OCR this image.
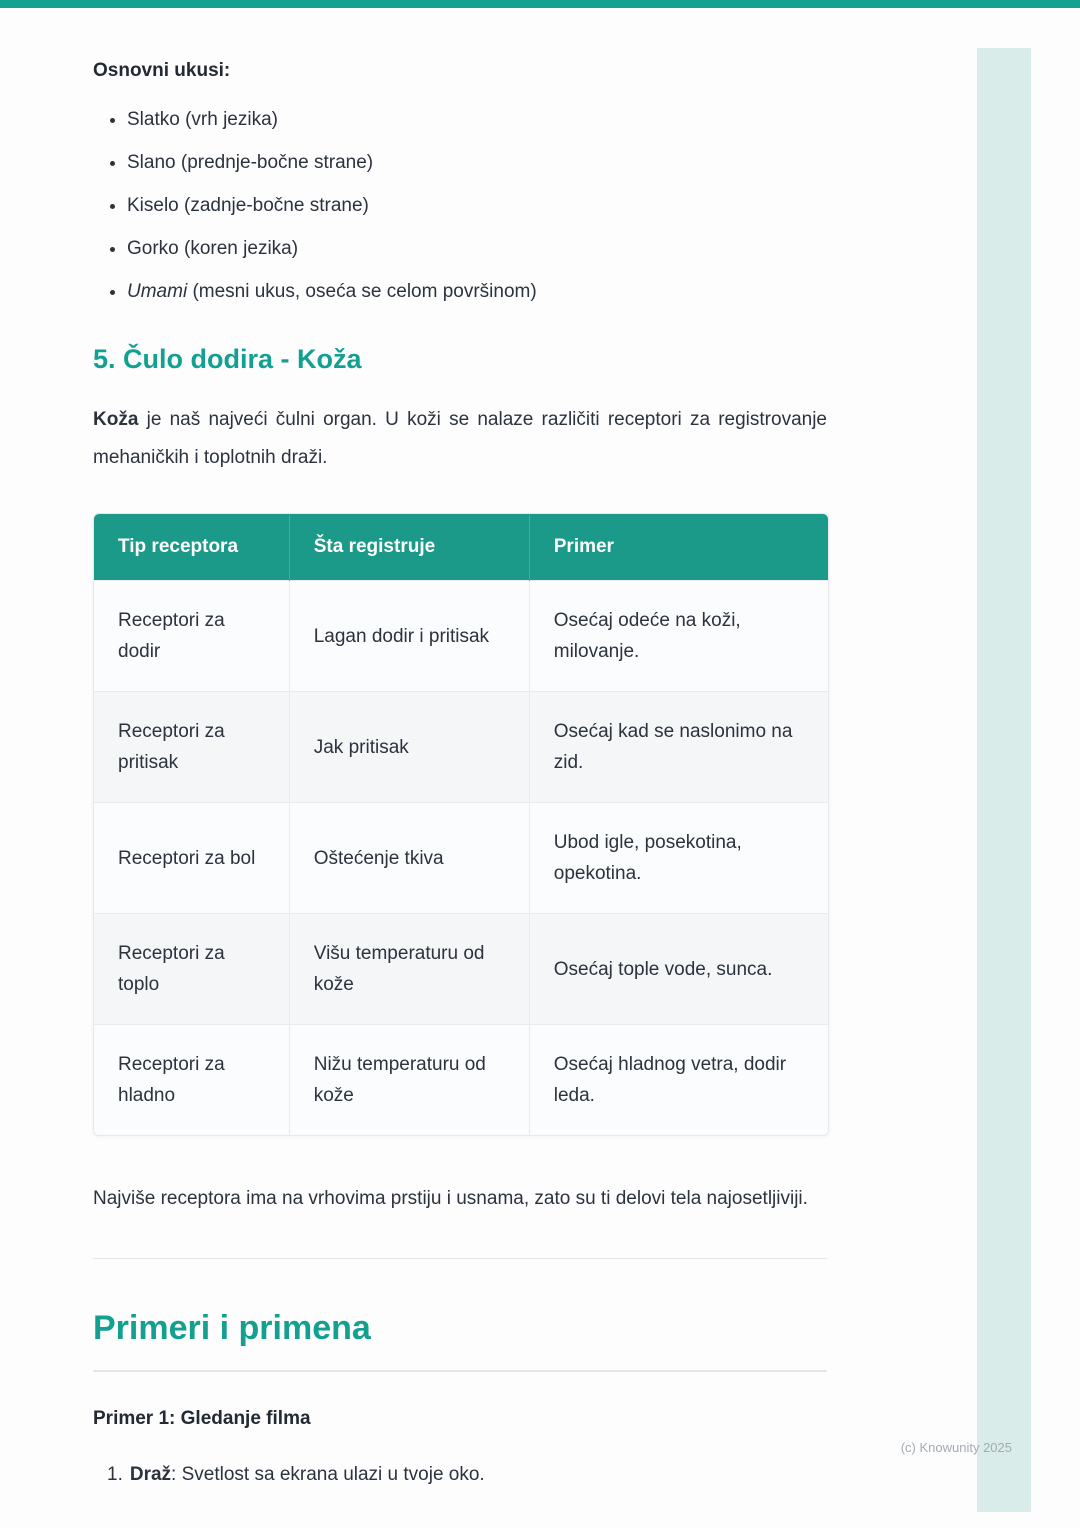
Osnovni ukusi:
• Slatko (vrh jezika)
• Slano (prednje-bočne strane)
• Kiselo (zadnje-bočne strane)
• Gorko (koren jezika)
• Umami (mesni ukus, oseća se celom površinom)
5. Čulo dodira - Koža

Koža je naš najveći čulni organ. U koži se nalaze različiti receptori za registrovanje mehaničkih i toplotnih draži.

Tip receptora	Šta registruje	Primer
Receptori za dodir	Lagan dodir i pritisak	Osećaj odeće na koži, milovanje.
Receptori za pritisak	Jak pritisak	Osećaj kad se naslonimo na zid.
Receptori za bol	Oštećenje tkiva	Ubod igle, posekotina, opekotina.
Receptori za toplo	Višu temperaturu od kože	Osećaj tople vode, sunca.
Receptori za hladno	Nižu temperaturu od kože	Osećaj hladnog vetra, dodir leda.

Najviše receptora ima na vrhovima prstiju i usnama, zato su ti delovi tela najosetljiviji.

Primeri i primena

Primer 1: Gledanje filma

1. Draž: Svetlost sa ekrana ulazi u tvoje oko.
(c) Knowunity 2025
